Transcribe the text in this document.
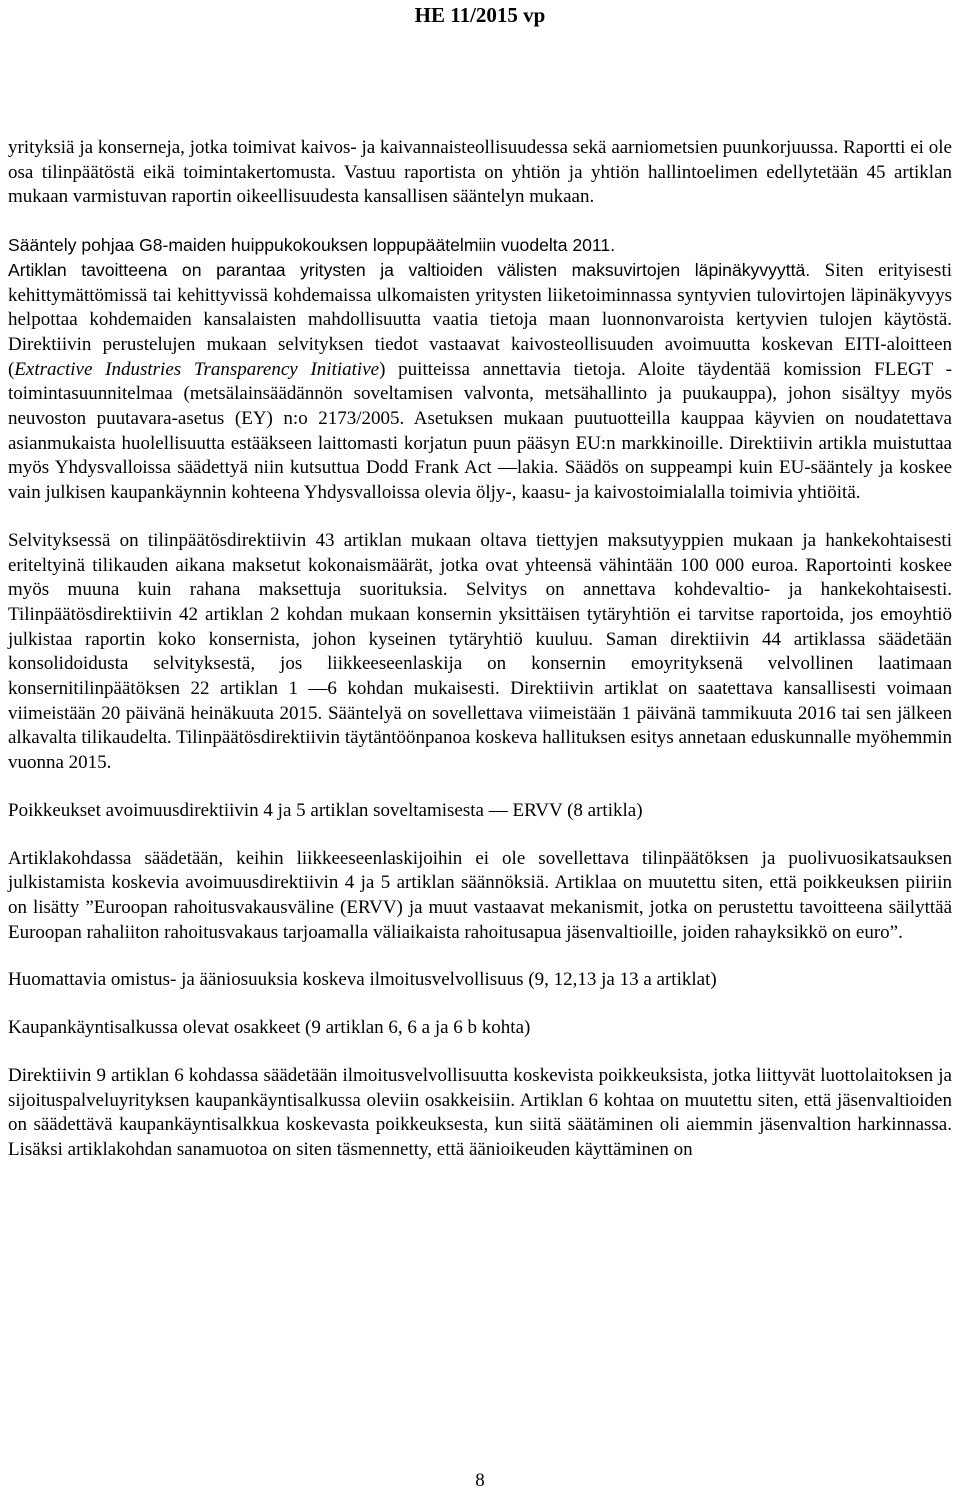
HE 11/2015 vp

yrityksiä ja konserneja, jotka toimivat kaivos- ja kaivannaisteollisuudessa sekä aarniometsien puunkorjuussa. Raportti ei ole osa tilinpäätöstä eikä toimintakertomusta. Vastuu raportista on yhtiön ja yhtiön hallintoelimen edellytetään 45 artiklan mukaan varmistuvan raportin oikeellisuudesta kansallisen sääntelyn mukaan.

Sääntely pohjaa G8-maiden huippukokouksen loppupäätelmiin vuodelta 2011.

Artiklan tavoitteena on parantaa yritysten ja valtioiden välisten maksuvirtojen läpinäkyvyyttä. Siten erityisesti kehittymättömissä tai kehittyvissä kohdemaissa ulkomaisten yritysten liiketoiminnassa syntyvien tulovirtojen läpinäkyvyys helpottaa kohdemaiden kansalaisten mahdollisuutta vaatia tietoja maan luonnonvaroista kertyvien tulojen käytöstä. Direktiivin perustelujen mukaan selvityksen tiedot vastaavat kaivosteollisuuden avoimuutta koskevan EITI-aloitteen (Extractive Industries Transparency Initiative) puitteissa annettavia tietoja. Aloite täydentää komission FLEGT -toimintasuunnitelmaa (metsälainsäädännön soveltamisen valvonta, metsähallinto ja puukauppa), johon sisältyy myös neuvoston puutavara-asetus (EY) n:o 2173/2005. Asetuksen mukaan puutuotteilla kauppaa käyvien on noudatettava asianmukaista huolellisuutta estääkseen laittomasti korjatun puun pääsyn EU:n markkinoille. Direktiivin artikla muistuttaa myös Yhdysvalloissa säädettyä niin kutsuttua Dodd Frank Act —lakia. Säädös on suppeampi kuin EU-sääntely ja koskee vain julkisen kaupankäynnin kohteena Yhdysvalloissa olevia öljy-, kaasu- ja kaivostoimialalla toimivia yhtiöitä.

Selvityksessä on tilinpäätösdirektiivin 43 artiklan mukaan oltava tiettyjen maksutyyppien mukaan ja hankekohtaisesti eriteltyinä tilikauden aikana maksetut kokonaismäärät, jotka ovat yhteensä vähintään 100 000 euroa. Raportointi koskee myös muuna kuin rahana maksettuja suorituksia. Selvitys on annettava kohdevaltio- ja hankekohtaisesti. Tilinpäätösdirektiivin 42 artiklan 2 kohdan mukaan konsernin yksittäisen tytäryhtiön ei tarvitse raportoida, jos emoyhtiö julkistaa raportin koko konsernista, johon kyseinen tytäryhtiö kuuluu. Saman direktiivin 44 artiklassa säädetään konsolidoidusta selvityksestä, jos liikkeeseenlaskija on konsernin emoyrityksenä velvollinen laatimaan konsernitilinpäätöksen 22 artiklan 1 —6 kohdan mukaisesti. Direktiivin artiklat on saatettava kansallisesti voimaan viimeistään 20 päivänä heinäkuuta 2015. Sääntelyä on sovellettava viimeistään 1 päivänä tammikuuta 2016 tai sen jälkeen alkavalta tilikaudelta. Tilinpäätösdirektiivin täytäntöönpanoa koskeva hallituksen esitys annetaan eduskunnalle myöhemmin vuonna 2015.

Poikkeukset avoimuusdirektiivin 4 ja 5 artiklan soveltamisesta — ERVV (8 artikla)

Artiklakohdassa säädetään, keihin liikkeeseenlaskijoihin ei ole sovellettava tilinpäätöksen ja puolivuosikatsauksen julkistamista koskevia avoimuusdirektiivin 4 ja 5 artiklan säännöksiä. Artiklaa on muutettu siten, että poikkeuksen piiriin on lisätty ”Euroopan rahoitusvakausväline (ERVV) ja muut vastaavat mekanismit, jotka on perustettu tavoitteena säilyttää Euroopan rahaliiton rahoitusvakaus tarjoamalla väliaikaista rahoitusapua jäsenvaltioille, joiden rahayksikkö on euro”.

Huomattavia omistus- ja ääniosuuksia koskeva ilmoitusvelvollisuus (9, 12,13 ja 13 a artiklat)

Kaupankäyntisalkussa olevat osakkeet (9 artiklan 6, 6 a ja 6 b kohta)

Direktiivin 9 artiklan 6 kohdassa säädetään ilmoitusvelvollisuutta koskevista poikkeuksista, jotka liittyvät luottolaitoksen ja sijoituspalveluyrityksen kaupankäyntisalkussa oleviin osakkeisiin. Artiklan 6 kohtaa on muutettu siten, että jäsenvaltioiden on säädettävä kaupankäyntisalkkua koskevasta poikkeuksesta, kun siitä säätäminen oli aiemmin jäsenvaltion harkinnassa. Lisäksi artiklakohdan sanamuotoa on siten täsmennetty, että äänioikeuden käyttäminen on

8
